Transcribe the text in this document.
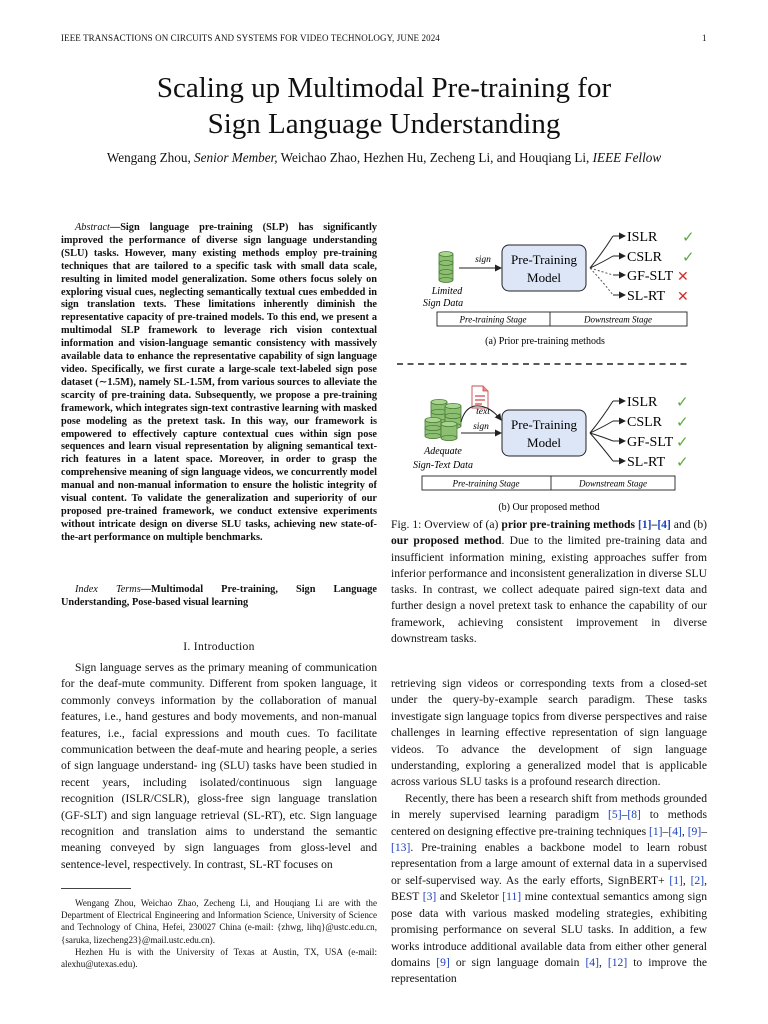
IEEE TRANSACTIONS ON CIRCUITS AND SYSTEMS FOR VIDEO TECHNOLOGY, JUNE 2024	1
Scaling up Multimodal Pre-training for
Sign Language Understanding
Wengang Zhou, Senior Member, Weichao Zhao, Hezhen Hu, Zecheng Li, and Houqiang Li, IEEE Fellow
Abstract—Sign language pre-training (SLP) has significantly improved the performance of diverse sign language understanding (SLU) tasks. However, many existing methods employ pre-training techniques that are tailored to a specific task with small data scale, resulting in limited model generalization. Some others focus solely on exploring visual cues, neglecting semantically textual cues embedded in sign translation texts. These limitations inherently diminish the representative capacity of pre-trained models. To this end, we present a multimodal SLP framework to leverage rich vision contextual information and vision-language semantic consistency with massively available data to enhance the representative capability of sign language video. Specifically, we first curate a large-scale text-labeled sign pose dataset (∼1.5M), namely SL-1.5M, from various sources to alleviate the scarcity of pre-training data. Subsequently, we propose a pre-training framework, which integrates sign-text contrastive learning with masked pose modeling as the pretext task. In this way, our framework is empowered to effectively capture contextual cues within sign pose sequences and learn visual representation by aligning semantical text-rich features in a latent space. Moreover, in order to grasp the comprehensive meaning of sign language videos, we concurrently model manual and non-manual information to ensure the holistic integrity of visual content. To validate the generalization and superiority of our proposed pre-trained framework, we conduct extensive experiments without intricate design on diverse SLU tasks, achieving new state-of-the-art performance on multiple benchmarks.
Index Terms—Multimodal Pre-training, Sign Language Understanding, Pose-based visual learning
I. Introduction

Sign language serves as the primary meaning of communication for the deaf-mute community. Different from spoken language, it commonly conveys information by the collaboration of manual features, i.e., hand gestures and body movements, and non-manual features, i.e., facial expressions and mouth cues. To facilitate communication between the deaf-mute and hearing people, a series of sign language understand- ing (SLU) tasks have been studied in recent years, including isolated/continuous sign language recognition (ISLR/CSLR), gloss-free sign language translation (GF-SLT) and sign language retrieval (SL-RT), etc. Sign language recognition and translation aims to understand the semantic meaning conveyed by sign languages from gloss-level and sentence-level, respectively. In contrast, SL-RT focuses on

Wengang Zhou, Weichao Zhao, Zecheng Li, and Houqiang Li are with the Department of Electrical Engineering and Information Science, University of Science and Technology of China, Hefei, 230027 China (e-mail: {zhwg, lihq}@ustc.edu.cn, {saruka, lizecheng23}@mail.ustc.edu.cn).

Hezhen Hu is with the University of Texas at Austin, TX, USA (e-mail: alexhu@utexas.edu).

Limited
Sign Data
sign Pre-Training
Model
ISLR
CSLR
GF-SLT
SL-RT
✓
✓
✕
✕
Pre-training Stage	Downstream Stage
(a) Prior pre-training methods
Adequate
Sign-Text Data
text
sign Pre-Training
Model
ISLR
CSLR
GF-SLT
SL-RT
✓
✓
✓
✓
Pre-training Stage	Downstream Stage
(b) Our proposed method
Fig. 1: Overview of (a) prior pre-training methods [1]–[4] and (b) our proposed method. Due to the limited pre-training data and insufficient information mining, existing approaches suffer from inferior performance and inconsistent generalization in diverse SLU tasks. In contrast, we collect adequate paired sign-text data and further design a novel pretext task to enhance the capability of our framework, achieving consistent improvement in diverse downstream tasks.

retrieving sign videos or corresponding texts from a closed-set under the query-by-example search paradigm. These tasks investigate sign language topics from diverse perspectives and raise challenges in learning effective representation of sign language videos. To advance the development of sign language understanding, exploring a generalized model that is applicable across various SLU tasks is a profound research direction.

Recently, there has been a research shift from methods grounded in merely supervised learning paradigm [5]–[8] to methods centered on designing effective pre-training techniques [1]–[4], [9]–[13]. Pre-training enables a backbone model to learn robust representation from a large amount of external data in a supervised or self-supervised way. As the early efforts, SignBERT+ [1], [2], BEST [3] and Skeletor [11] mine contextual semantics among sign pose data with various masked modeling strategies, exhibiting promising performance on several SLU tasks. In addition, a few works introduce additional available data from either other general domains [9] or sign language domain [4], [12] to improve the representation
